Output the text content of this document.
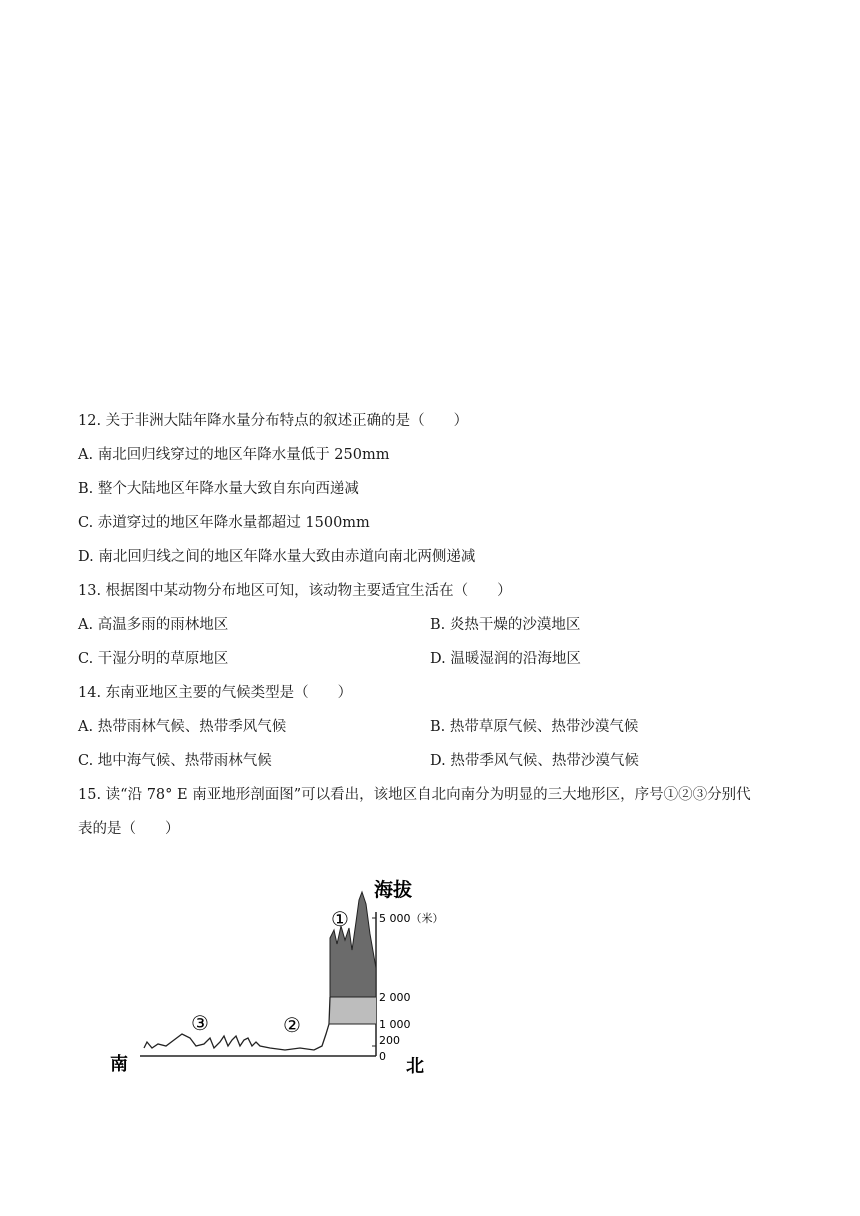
12. 关于非洲大陆年降水量分布特点的叙述正确的是（　　）
A. 南北回归线穿过的地区年降水量低于 250mm
B. 整个大陆地区年降水量大致自东向西递减
C. 赤道穿过的地区年降水量都超过 1500mm
D. 南北回归线之间的地区年降水量大致由赤道向南北两侧递减
13. 根据图中某动物分布地区可知，该动物主要适宜生活在（　　）
A. 高温多雨的雨林地区	B. 炎热干燥的沙漠地区
C. 干湿分明的草原地区	D. 温暖湿润的沿海地区
14. 东南亚地区主要的气候类型是（　　）
A. 热带雨林气候、热带季风气候	B. 热带草原气候、热带沙漠气候
C. 地中海气候、热带雨林气候	D. 热带季风气候、热带沙漠气候
15. 读“沿 78° E 南亚地形剖面图”可以看出，该地区自北向南分为明显的三大地形区，序号①②③分别代
表的是（　　）
①
②
③
海拔
5 000（米）
2 000
1 000
200
0
南	北
